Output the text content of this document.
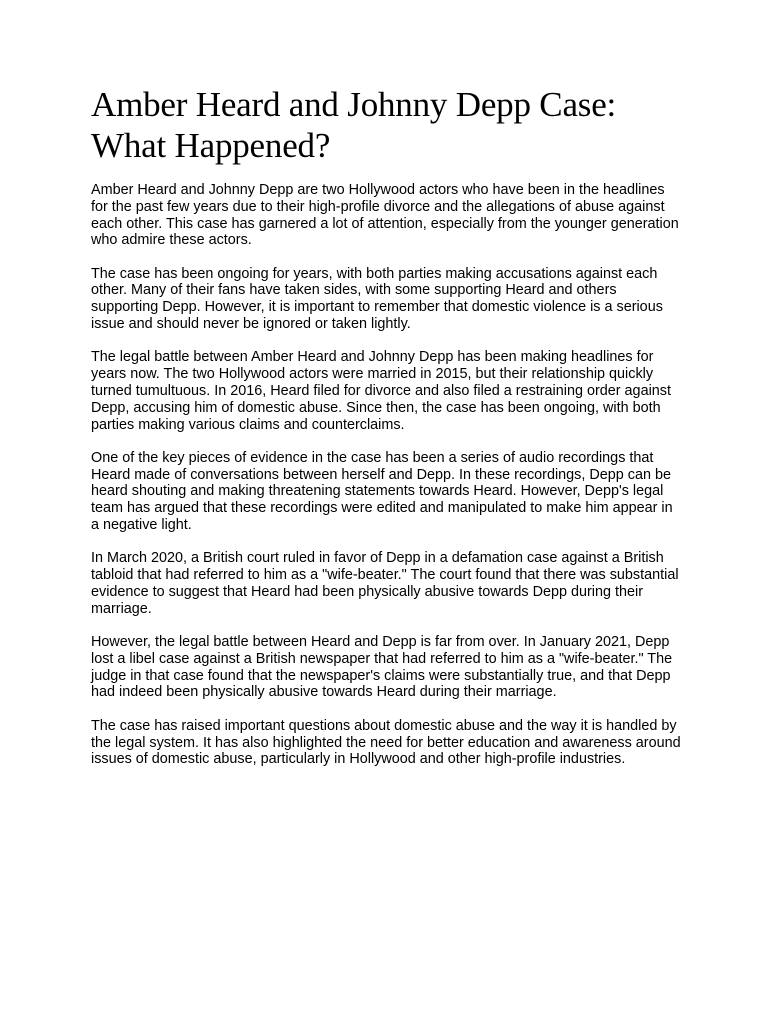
Amber Heard and Johnny Depp Case: What Happened?

Amber Heard and Johnny Depp are two Hollywood actors who have been in the headlines for the past few years due to their high-profile divorce and the allegations of abuse against each other. This case has garnered a lot of attention, especially from the younger generation who admire these actors.

The case has been ongoing for years, with both parties making accusations against each other. Many of their fans have taken sides, with some supporting Heard and others supporting Depp. However, it is important to remember that domestic violence is a serious issue and should never be ignored or taken lightly.

The legal battle between Amber Heard and Johnny Depp has been making headlines for years now. The two Hollywood actors were married in 2015, but their relationship quickly turned tumultuous. In 2016, Heard filed for divorce and also filed a restraining order against Depp, accusing him of domestic abuse. Since then, the case has been ongoing, with both parties making various claims and counterclaims.

One of the key pieces of evidence in the case has been a series of audio recordings that Heard made of conversations between herself and Depp. In these recordings, Depp can be heard shouting and making threatening statements towards Heard. However, Depp's legal team has argued that these recordings were edited and manipulated to make him appear in a negative light.

In March 2020, a British court ruled in favor of Depp in a defamation case against a British tabloid that had referred to him as a "wife-beater." The court found that there was substantial evidence to suggest that Heard had been physically abusive towards Depp during their marriage.

However, the legal battle between Heard and Depp is far from over. In January 2021, Depp lost a libel case against a British newspaper that had referred to him as a "wife-beater." The judge in that case found that the newspaper's claims were substantially true, and that Depp had indeed been physically abusive towards Heard during their marriage.

The case has raised important questions about domestic abuse and the way it is handled by the legal system. It has also highlighted the need for better education and awareness around issues of domestic abuse, particularly in Hollywood and other high-profile industries.
